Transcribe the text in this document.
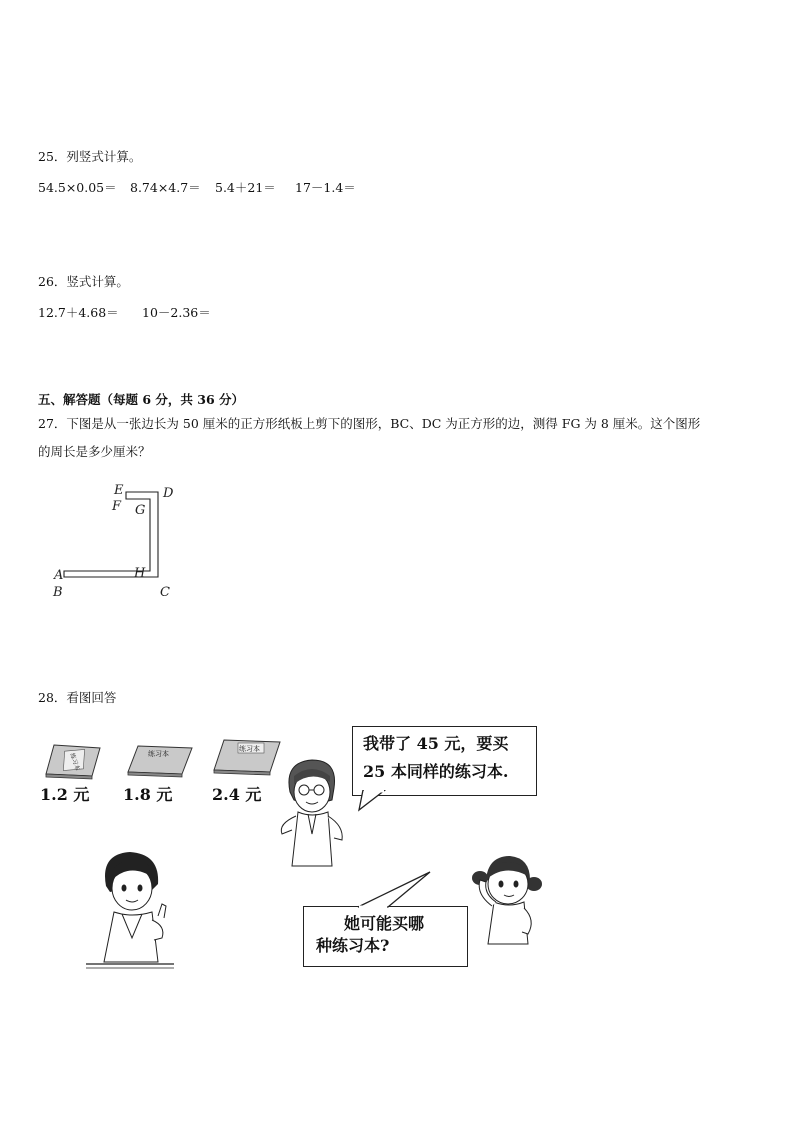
25．列竖式计算。
54.5×0.05＝ 8.74×4.7＝ 5.4＋21＝ 17－1.4＝
26．竖式计算。
12.7＋4.68＝ 10－2.36＝
五、解答题（每题 6 分，共 36 分）
27．下图是从一张边长为 50 厘米的正方形纸板上剪下的图形，BC、DC 为正方形的边，测得 FG 为 8 厘米。这个图形
的周长是多少厘米？
E
F G
D
A	H
B	C
28．看图回答
练习本	练习本
练习本
1.2 元 1.8 元 2.4 元
我带了 45 元，要买
25 本同样的练习本.
她可能买哪
种练习本?
